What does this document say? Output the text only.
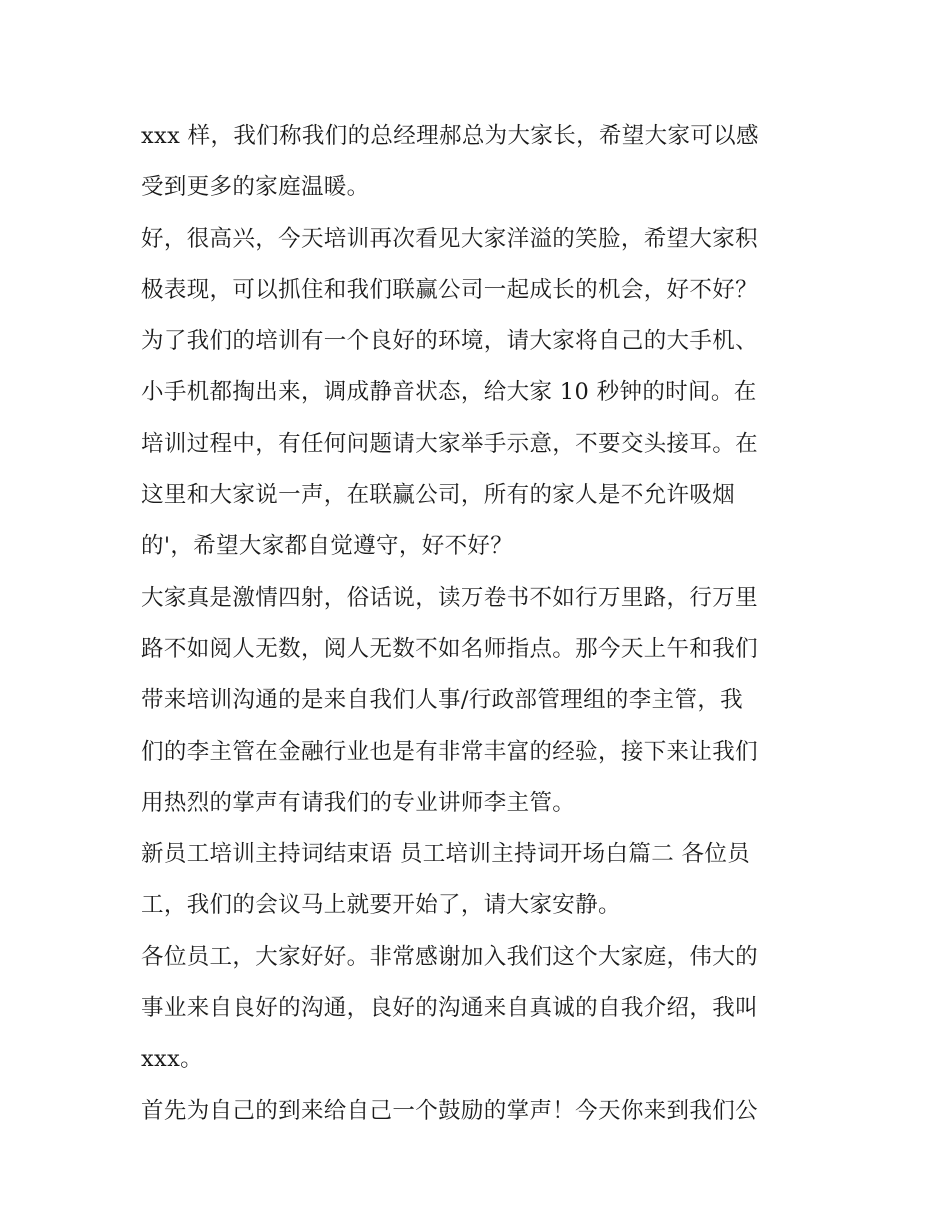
xxx 样，我们称我们的总经理郝总为大家长，希望大家可以感
受到更多的家庭温暖。
好，很高兴，今天培训再次看见大家洋溢的笑脸，希望大家积
极表现，可以抓住和我们联赢公司一起成长的机会，好不好？
为了我们的培训有一个良好的环境，请大家将自己的大手机、
小手机都掏出来，调成静音状态，给大家 10 秒钟的时间。在
培训过程中，有任何问题请大家举手示意，不要交头接耳。在
这里和大家说一声，在联赢公司，所有的家人是不允许吸烟
的'，希望大家都自觉遵守，好不好？
大家真是激情四射，俗话说，读万卷书不如行万里路，行万里
路不如阅人无数，阅人无数不如名师指点。那今天上午和我们
带来培训沟通的是来自我们人事/行政部管理组的李主管，我
们的李主管在金融行业也是有非常丰富的经验，接下来让我们
用热烈的掌声有请我们的专业讲师李主管。
新员工培训主持词结束语 员工培训主持词开场白篇二 各位员
工，我们的会议马上就要开始了，请大家安静。
各位员工，大家好好。非常感谢加入我们这个大家庭，伟大的
事业来自良好的沟通，良好的沟通来自真诚的自我介绍，我叫
xxx。
首先为自己的到来给自己一个鼓励的掌声！今天你来到我们公
